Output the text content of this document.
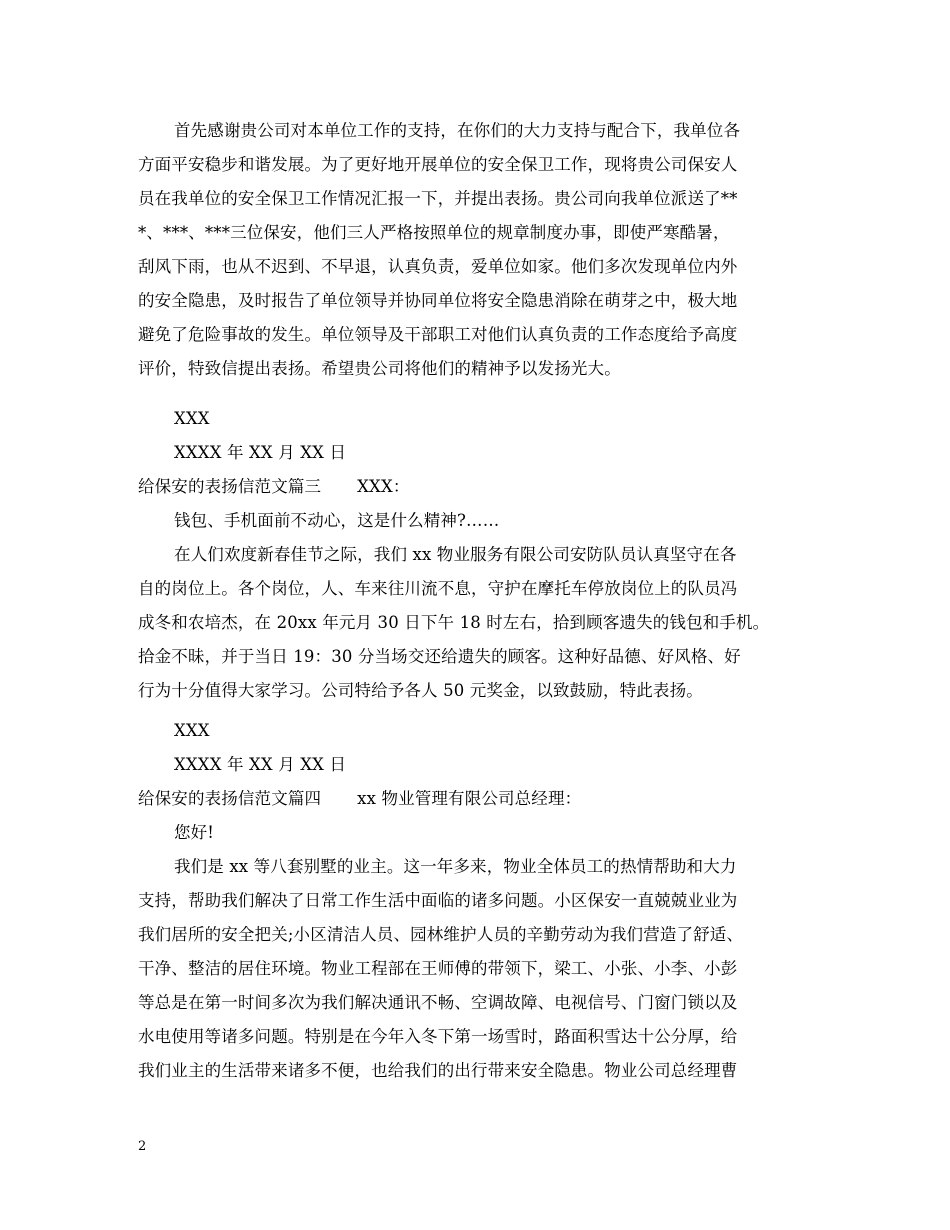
首先感谢贵公司对本单位工作的支持，在你们的大力支持与配合下，我单位各
方面平安稳步和谐发展。为了更好地开展单位的安全保卫工作，现将贵公司保安人
员在我单位的安全保卫工作情况汇报一下，并提出表扬。贵公司向我单位派送了**
*、***、***三位保安，他们三人严格按照单位的规章制度办事，即使严寒酷暑，
刮风下雨，也从不迟到、不早退，认真负责，爱单位如家。他们多次发现单位内外
的安全隐患，及时报告了单位领导并协同单位将安全隐患消除在萌芽之中，极大地
避免了危险事故的发生。单位领导及干部职工对他们认真负责的工作态度给予高度
评价，特致信提出表扬。希望贵公司将他们的精神予以发扬光大。
XXX
XXXX 年 XX 月 XX 日
给保安的表扬信范文篇三 XXX：
钱包、手机面前不动心，这是什么精神?……
在人们欢度新春佳节之际，我们 xx 物业服务有限公司安防队员认真坚守在各
自的岗位上。各个岗位，人、车来往川流不息，守护在摩托车停放岗位上的队员冯
成冬和农培杰，在 20xx 年元月 30 日下午 18 时左右，拾到顾客遗失的钱包和手机。
拾金不昧，并于当日 19：30 分当场交还给遗失的顾客。这种好品德、好风格、好
行为十分值得大家学习。公司特给予各人 50 元奖金，以致鼓励，特此表扬。
XXX
XXXX 年 XX 月 XX 日
给保安的表扬信范文篇四 xx 物业管理有限公司总经理：
您好!
我们是 xx 等八套别墅的业主。这一年多来，物业全体员工的热情帮助和大力
支持，帮助我们解决了日常工作生活中面临的诸多问题。小区保安一直兢兢业业为
我们居所的安全把关;小区清洁人员、园林维护人员的辛勤劳动为我们营造了舒适、
干净、整洁的居住环境。物业工程部在王师傅的带领下，梁工、小张、小李、小彭
等总是在第一时间多次为我们解决通讯不畅、空调故障、电视信号、门窗门锁以及
水电使用等诸多问题。特别是在今年入冬下第一场雪时，路面积雪达十公分厚，给
我们业主的生活带来诸多不便，也给我们的出行带来安全隐患。物业公司总经理曹
2
